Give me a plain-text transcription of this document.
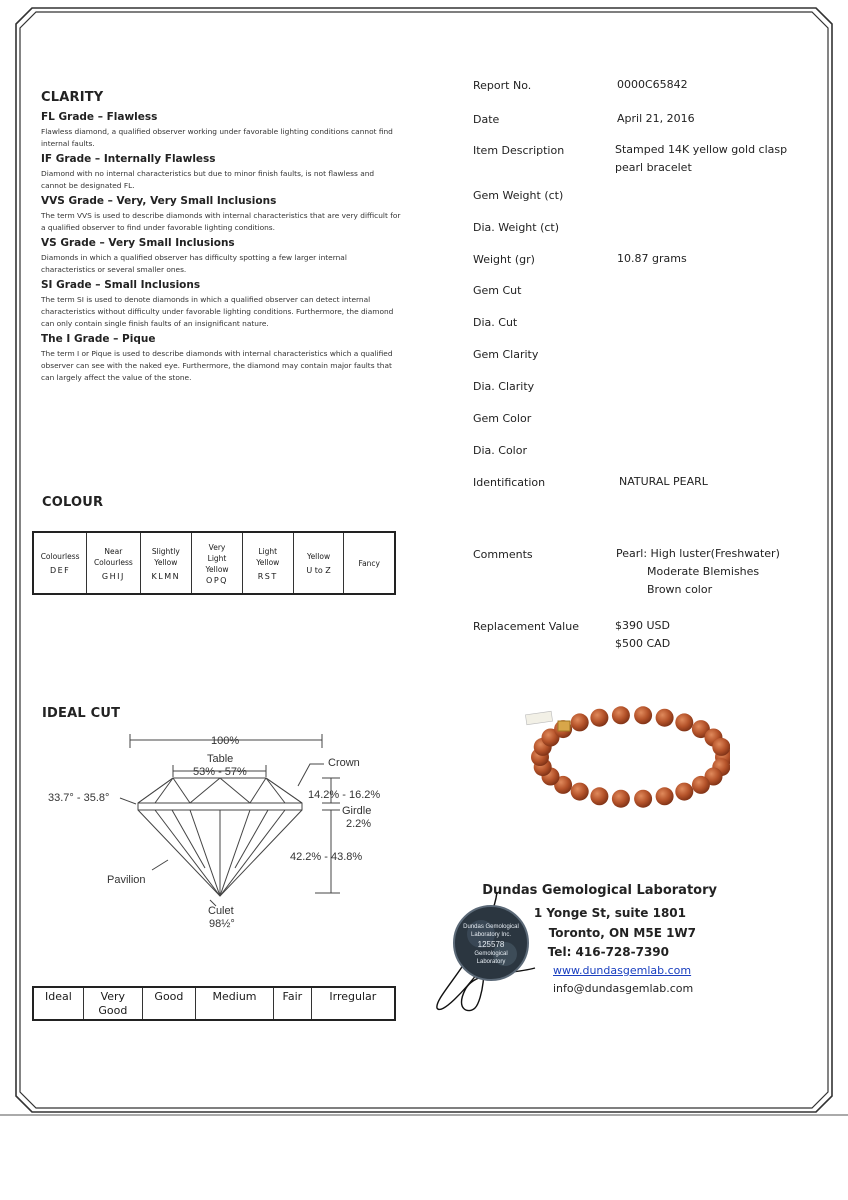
CLARITY
FL Grade – Flawless
Flawless diamond, a qualified observer working under favorable lighting conditions cannot find internal faults.
IF Grade – Internally Flawless
Diamond with no internal characteristics but due to minor finish faults, is not flawless and cannot be designated FL.
VVS Grade – Very, Very Small Inclusions
The term VVS is used to describe diamonds with internal characteristics that are very difficult for a qualified observer to find under favorable lighting conditions.
VS Grade – Very Small Inclusions
Diamonds in which a qualified observer has difficulty spotting a few larger internal characteristics or several smaller ones.
SI Grade – Small Inclusions
The term SI is used to denote diamonds in which a qualified observer can detect internal characteristics without difficulty under favorable lighting conditions. Furthermore, the diamond can only contain single finish faults of an insignificant nature.
The I Grade – Pique
The term I or Pique is used to describe diamonds with internal characteristics which a qualified observer can see with the naked eye. Furthermore, the diamond may contain major faults that can largely affect the value of the stone.
COLOUR
Colourless
DEF

Near
Colourless
GHIJ

Slightly
Yellow
KLMN

Very
Light
Yellow
OPQ

Light
Yellow
RST

Yellow
U to Z

Fancy
IDEAL CUT
100%
Table
53% - 57%
Crown
33.7° - 35.8°	14.2% - 16.2%
Girdle
2.2%
42.2% - 43.8%
Pavilion
Culet
98½°
Ideal	Very Good	Good	Medium	Fair	Irregular
Report No.	0000C65842
Date	April 21, 2016
Item Description	Stamped 14K yellow gold clasp pearl bracelet
Gem Weight (ct)
Dia. Weight (ct)
Weight (gr)	10.87 grams
Gem Cut
Dia. Cut
Gem Clarity
Dia. Clarity
Gem Color
Dia. Color
Identification	NATURAL PEARL
Comments	Pearl: High luster(Freshwater)
Moderate Blemishes
Brown color
Replacement Value	$390 USD
$500 CAD
Dundas Gemological Laboratory
1 Yonge St, suite 1801
Toronto, ON M5E 1W7
Tel: 416-728-7390
www.dundasgemlab.com
info@dundasgemlab.com
Dundas Gemological
Laboratory Inc.
125578
Gemological
Laboratory
